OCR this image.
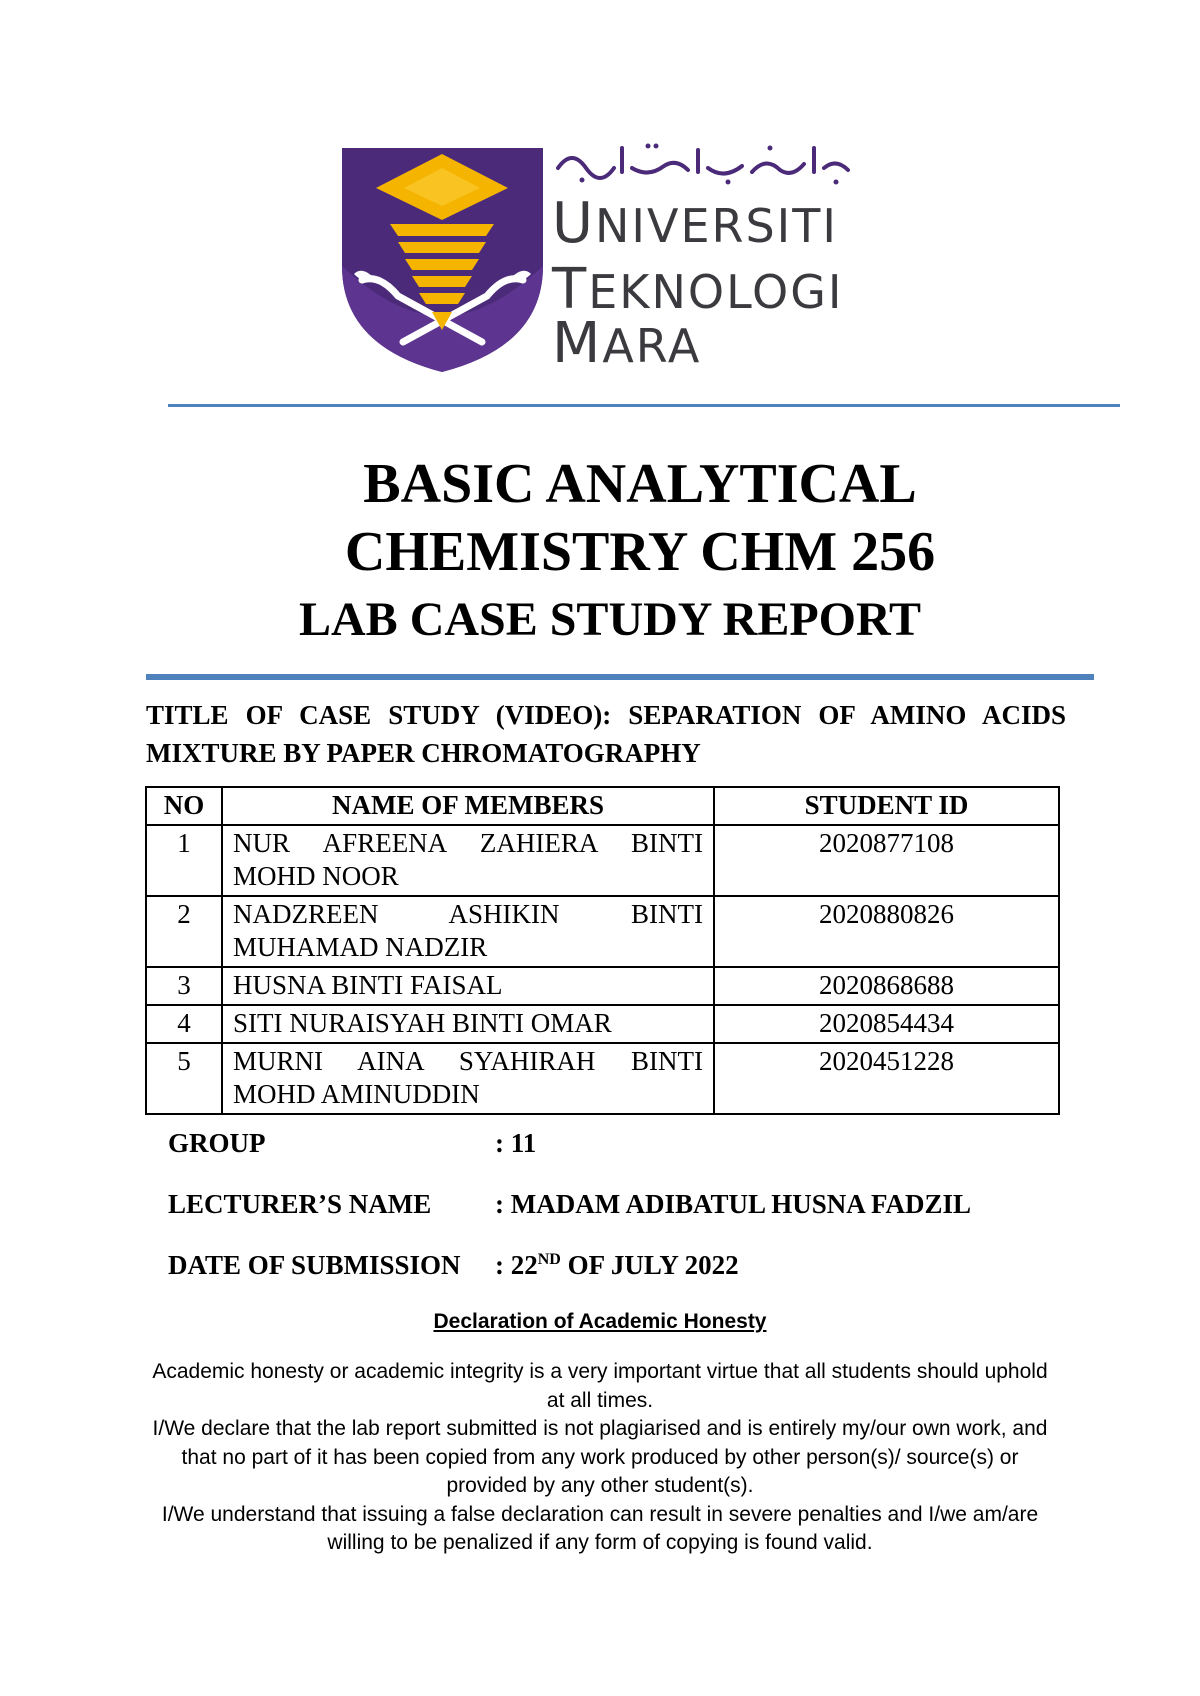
UNIVERSITI
TEKNOLOGI
MARA
BASIC ANALYTICAL
CHEMISTRY CHM 256
LAB CASE STUDY REPORT
TITLE OF CASE STUDY (VIDEO): SEPARATION OF AMINO ACIDS MIXTURE BY PAPER CHROMATOGRAPHY
NO	NAME OF MEMBERS	STUDENT ID
1	NUR AFREENA ZAHIERA BINTI MOHD NOOR	2020877108
2	NADZREEN ASHIKIN BINTI MUHAMAD NADZIR	2020880826
3	HUSNA BINTI FAISAL	2020868688
4	SITI NURAISYAH BINTI OMAR	2020854434
5	MURNI AINA SYAHIRAH BINTI MOHD AMINUDDIN	2020451228
GROUP	: 11
LECTURER’S NAME : MADAM ADIBATUL HUSNA FADZIL
DATE OF SUBMISSION : 22ND OF JULY 2022
Declaration of Academic Honesty

Academic honesty or academic integrity is a very important virtue that all students should uphold at all times.

I/We declare that the lab report submitted is not plagiarised and is entirely my/our own work, and that no part of it has been copied from any work produced by other person(s)/ source(s) or provided by any other student(s).

I/We understand that issuing a false declaration can result in severe penalties and I/we am/are willing to be penalized if any form of copying is found valid.
